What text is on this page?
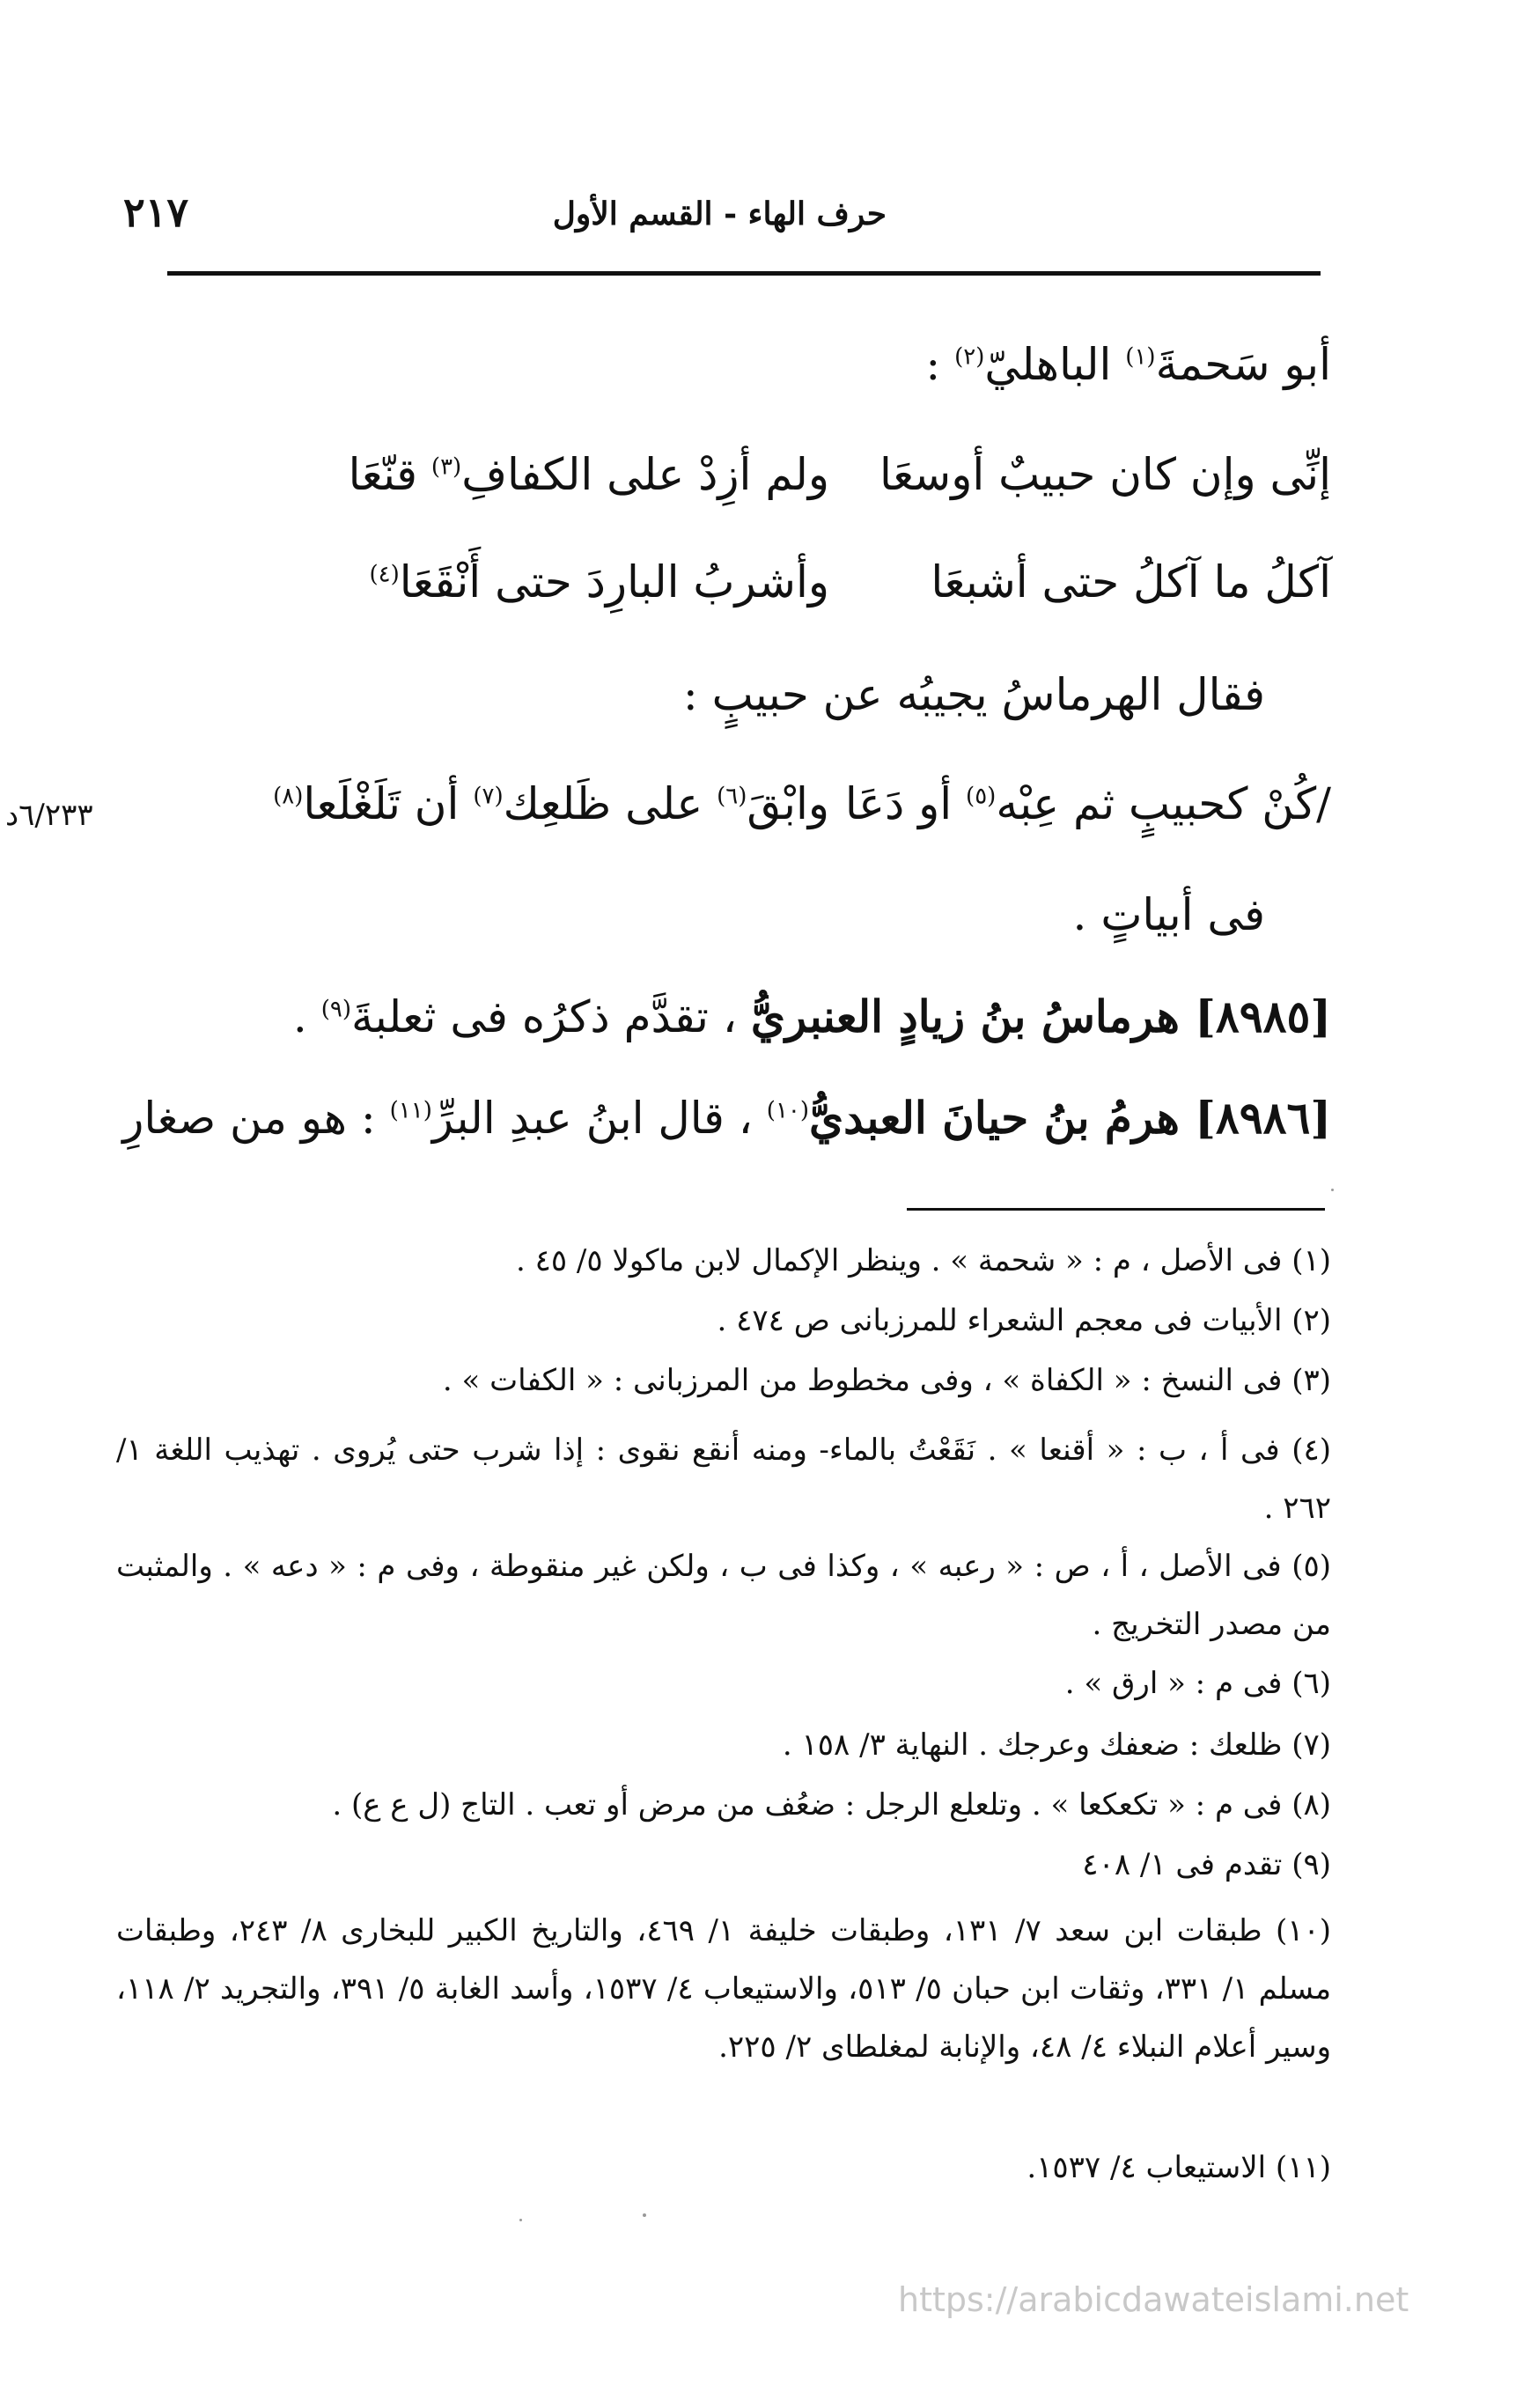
حرف الهاء - القسم الأول
٢١٧
أبو سَحمةَ$^{(١)}$ الباهليّ$^{(٢)}$ :
إنِّى وإن كان حبيبٌ أوسعَا
ولم أزِدْ على الكفافِ$^{(٣)}$ قنّعَا
آكلُ ما آكلُ حتى أشبعَا
وأشربُ البارِدَ حتى أَنْقَعَا$^{(٤)}$
فقال الهرماسُ يجيبُه عن حبيبٍ :
/كُنْ كحبيبٍ ثم عِبْه$^{(٥)}$ أو دَعَا
وابْقَ$^{(٦)}$ على ظَلعِك$^{(٧)}$ أن تَلَغْلَعا$^{(٨)}$
٦/٢٣٣د
فى أبياتٍ .
[٨٩٨٥] هرماسُ بنُ زيادٍ العنبريُّ ، تقدَّم ذكرُه فى ثعلبةَ$^{(٩)}$ .
[٨٩٨٦] هرمُ بنُ حيانَ العبديُّ$^{(١٠)}$ ، قال ابنُ عبدِ البرِّ$^{(١١)}$ : هو من صغارِ
(١) فى الأصل ، م : « شحمة » . وينظر الإكمال لابن ماكولا ٥/ ٤٥ .
(٢) الأبيات فى معجم الشعراء للمرزبانى ص ٤٧٤ .
(٣) فى النسخ : « الكفاة » ، وفى مخطوط من المرزبانى : « الكفات » .
(٤) فى أ ، ب : « أقنعا » . نَقَعْتُ بالماء- ومنه أنقع نقوى : إذا شرب حتى يُروى . تهذيب اللغة ١/ ٢٦٢ .
(٥) فى الأصل ، أ ، ص : « رعبه » ، وكذا فى ب ، ولكن غير منقوطة ، وفى م : « دعه » . والمثبت من مصدر التخريج .
(٦) فى م : « ارق » .
(٧) ظلعك : ضعفك وعرجك . النهاية ٣/ ١٥٨ .
(٨) فى م : « تكعكعا » . وتلعلع الرجل : ضعُف من مرض أو تعب . التاج (ل ع ع) .
(٩) تقدم فى ١/ ٤٠٨
(١٠) طبقات ابن سعد ٧/ ١٣١، وطبقات خليفة ١/ ٤٦٩، والتاريخ الكبير للبخارى ٨/ ٢٤٣، وطبقات مسلم ١/ ٣٣١، وثقات ابن حبان ٥/ ٥١٣، والاستيعاب ٤/ ١٥٣٧، وأسد الغابة ٥/ ٣٩١، والتجريد ٢/ ١١٨، وسير أعلام النبلاء ٤/ ٤٨، والإنابة لمغلطاى ٢/ ٢٢٥.
(١١) الاستيعاب ٤/ ١٥٣٧.
https://arabicdawateislami.net
